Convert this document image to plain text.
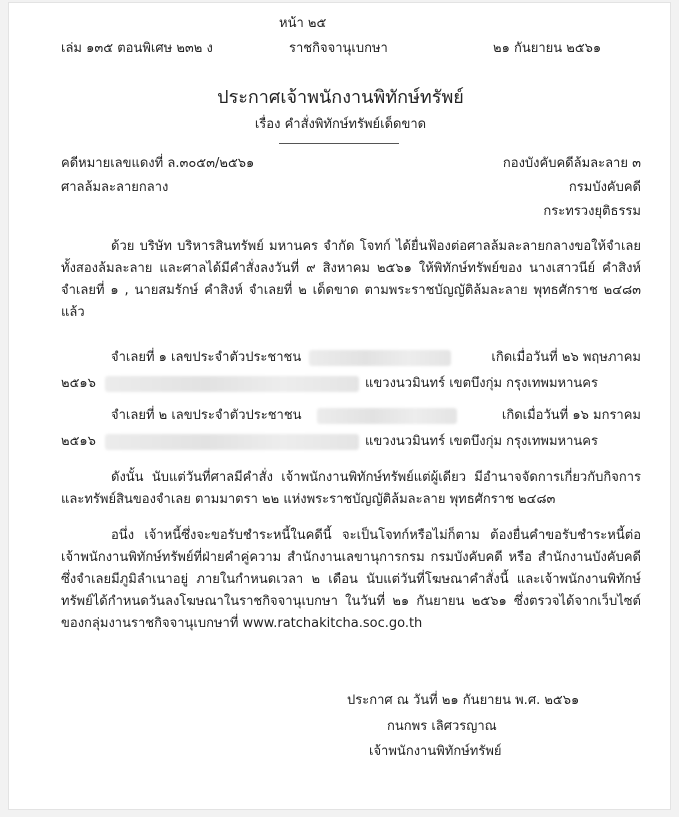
หน้า ๒๕
เล่ม ๑๓๕ ตอนพิเศษ ๒๓๒ ง	ราชกิจจานุเบกษา	๒๑ กันยายน ๒๕๖๑
ประกาศเจ้าพนักงานพิทักษ์ทรัพย์
เรื่อง คำสั่งพิทักษ์ทรัพย์เด็ดขาด
คดีหมายเลขแดงที่ ล.๓๐๕๓/๒๕๖๑
ศาลล้มละลายกลาง
กองบังคับคดีล้มละลาย ๓
กรมบังคับคดี
กระทรวงยุติธรรม
ด้วย บริษัท บริหารสินทรัพย์ มหานคร จำกัด โจทก์ ได้ยื่นฟ้องต่อศาลล้มละลายกลางขอให้จำเลยทั้งสองล้มละลาย และศาลได้มีคำสั่งลงวันที่ ๙ สิงหาคม ๒๕๖๑ ให้พิทักษ์ทรัพย์ของ นางเสาวนีย์ คำสิงห์ จำเลยที่ ๑ , นายสมรักษ์ คำสิงห์ จำเลยที่ ๒ เด็ดขาด ตามพระราชบัญญัติล้มละลาย พุทธศักราช ๒๔๘๓ แล้ว
จำเลยที่ ๑ เลขประจำตัวประชาชน	เกิดเมื่อวันที่ ๒๖ พฤษภาคม
๒๕๑๖	แขวงนวมินทร์ เขตบึงกุ่ม กรุงเทพมหานคร
จำเลยที่ ๒ เลขประจำตัวประชาชน	เกิดเมื่อวันที่ ๑๖ มกราคม
๒๕๑๖	แขวงนวมินทร์ เขตบึงกุ่ม กรุงเทพมหานคร
ดังนั้น นับแต่วันที่ศาลมีคำสั่ง เจ้าพนักงานพิทักษ์ทรัพย์แต่ผู้เดียว มีอำนาจจัดการเกี่ยวกับกิจการและทรัพย์สินของจำเลย ตามมาตรา ๒๒ แห่งพระราชบัญญัติล้มละลาย พุทธศักราช ๒๔๘๓
อนึ่ง เจ้าหนี้ซึ่งจะขอรับชำระหนี้ในคดีนี้ จะเป็นโจทก์หรือไม่ก็ตาม ต้องยื่นคำขอรับชำระหนี้ต่อเจ้าพนักงานพิทักษ์ทรัพย์ที่ฝ่ายคำคู่ความ สำนักงานเลขานุการกรม กรมบังคับคดี หรือ สำนักงานบังคับคดีซึ่งจำเลยมีภูมิลำเนาอยู่ ภายในกำหนดเวลา ๒ เดือน นับแต่วันที่โฆษณาคำสั่งนี้ และเจ้าพนักงานพิทักษ์ทรัพย์ได้กำหนดวันลงโฆษณาในราชกิจจานุเบกษา ในวันที่ ๒๑ กันยายน ๒๕๖๑ ซึ่งตรวจได้จากเว็บไซต์ของกลุ่มงานราชกิจจานุเบกษาที่ www.ratchakitcha.soc.go.th
ประกาศ ณ วันที่ ๒๑ กันยายน พ.ศ. ๒๕๖๑
กนกพร เลิศวรญาณ
เจ้าพนักงานพิทักษ์ทรัพย์
